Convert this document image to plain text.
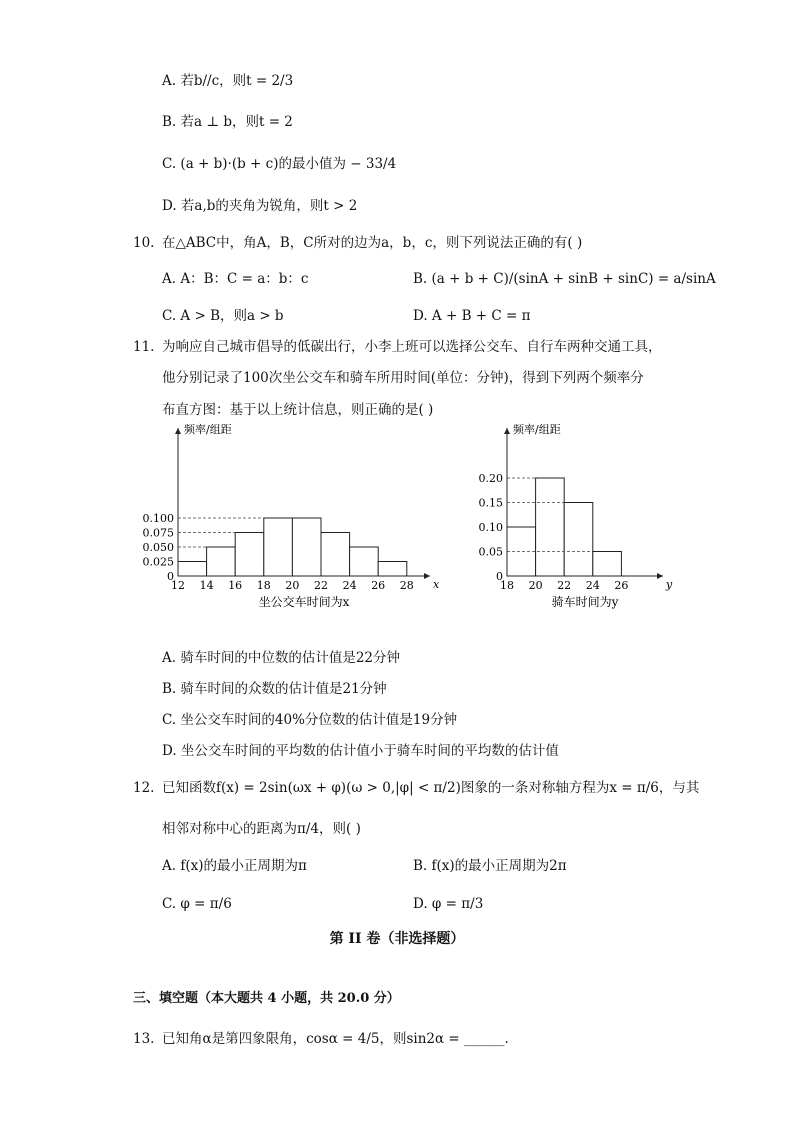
A. 若b//c，则t = 2/3
B. 若a ⊥ b，则t = 2
C. (a + b)·(b + c)的最小值为 − 33/4
D. 若a,b的夹角为锐角，则t > 2
10. 在△ABC中，角A，B，C所对的边为a，b，c，则下列说法正确的有( )
A. A：B：C = a：b：c	B. (a + b + C)/(sinA + sinB + sinC) = a/sinA
C. A > B，则a > b	D. A + B + C = π
11. 为响应自己城市倡导的低碳出行，小李上班可以选择公交车、自行车两种交通工具，
他分别记录了100次坐公交车和骑车所用时间(单位：分钟)，得到下列两个频率分
布直方图：基于以上统计信息，则正确的是( )
0
0.025
0.050
0.075
0.100
12 14 16 18 20 22 24 26 28 x
频率/组距
坐公交车时间为x
0
0.05
0.10
0.15
0.20
18 20 22 24 26	y
频率/组距
骑车时间为y
A. 骑车时间的中位数的估计值是22分钟
B. 骑车时间的众数的估计值是21分钟
C. 坐公交车时间的40%分位数的估计值是19分钟
D. 坐公交车时间的平均数的估计值小于骑车时间的平均数的估计值
12. 已知函数f(x) = 2sin(ωx + φ)(ω > 0,|φ| < π/2)图象的一条对称轴方程为x = π/6，与其
相邻对称中心的距离为π/4，则( )
A. f(x)的最小正周期为π	B. f(x)的最小正周期为2π
C. φ = π/6	D. φ = π/3
第 II 卷（非选择题）
三、填空题（本大题共 4 小题，共 20.0 分）
13. 已知角α是第四象限角，cosα = 4/5，则sin2α = ______.
